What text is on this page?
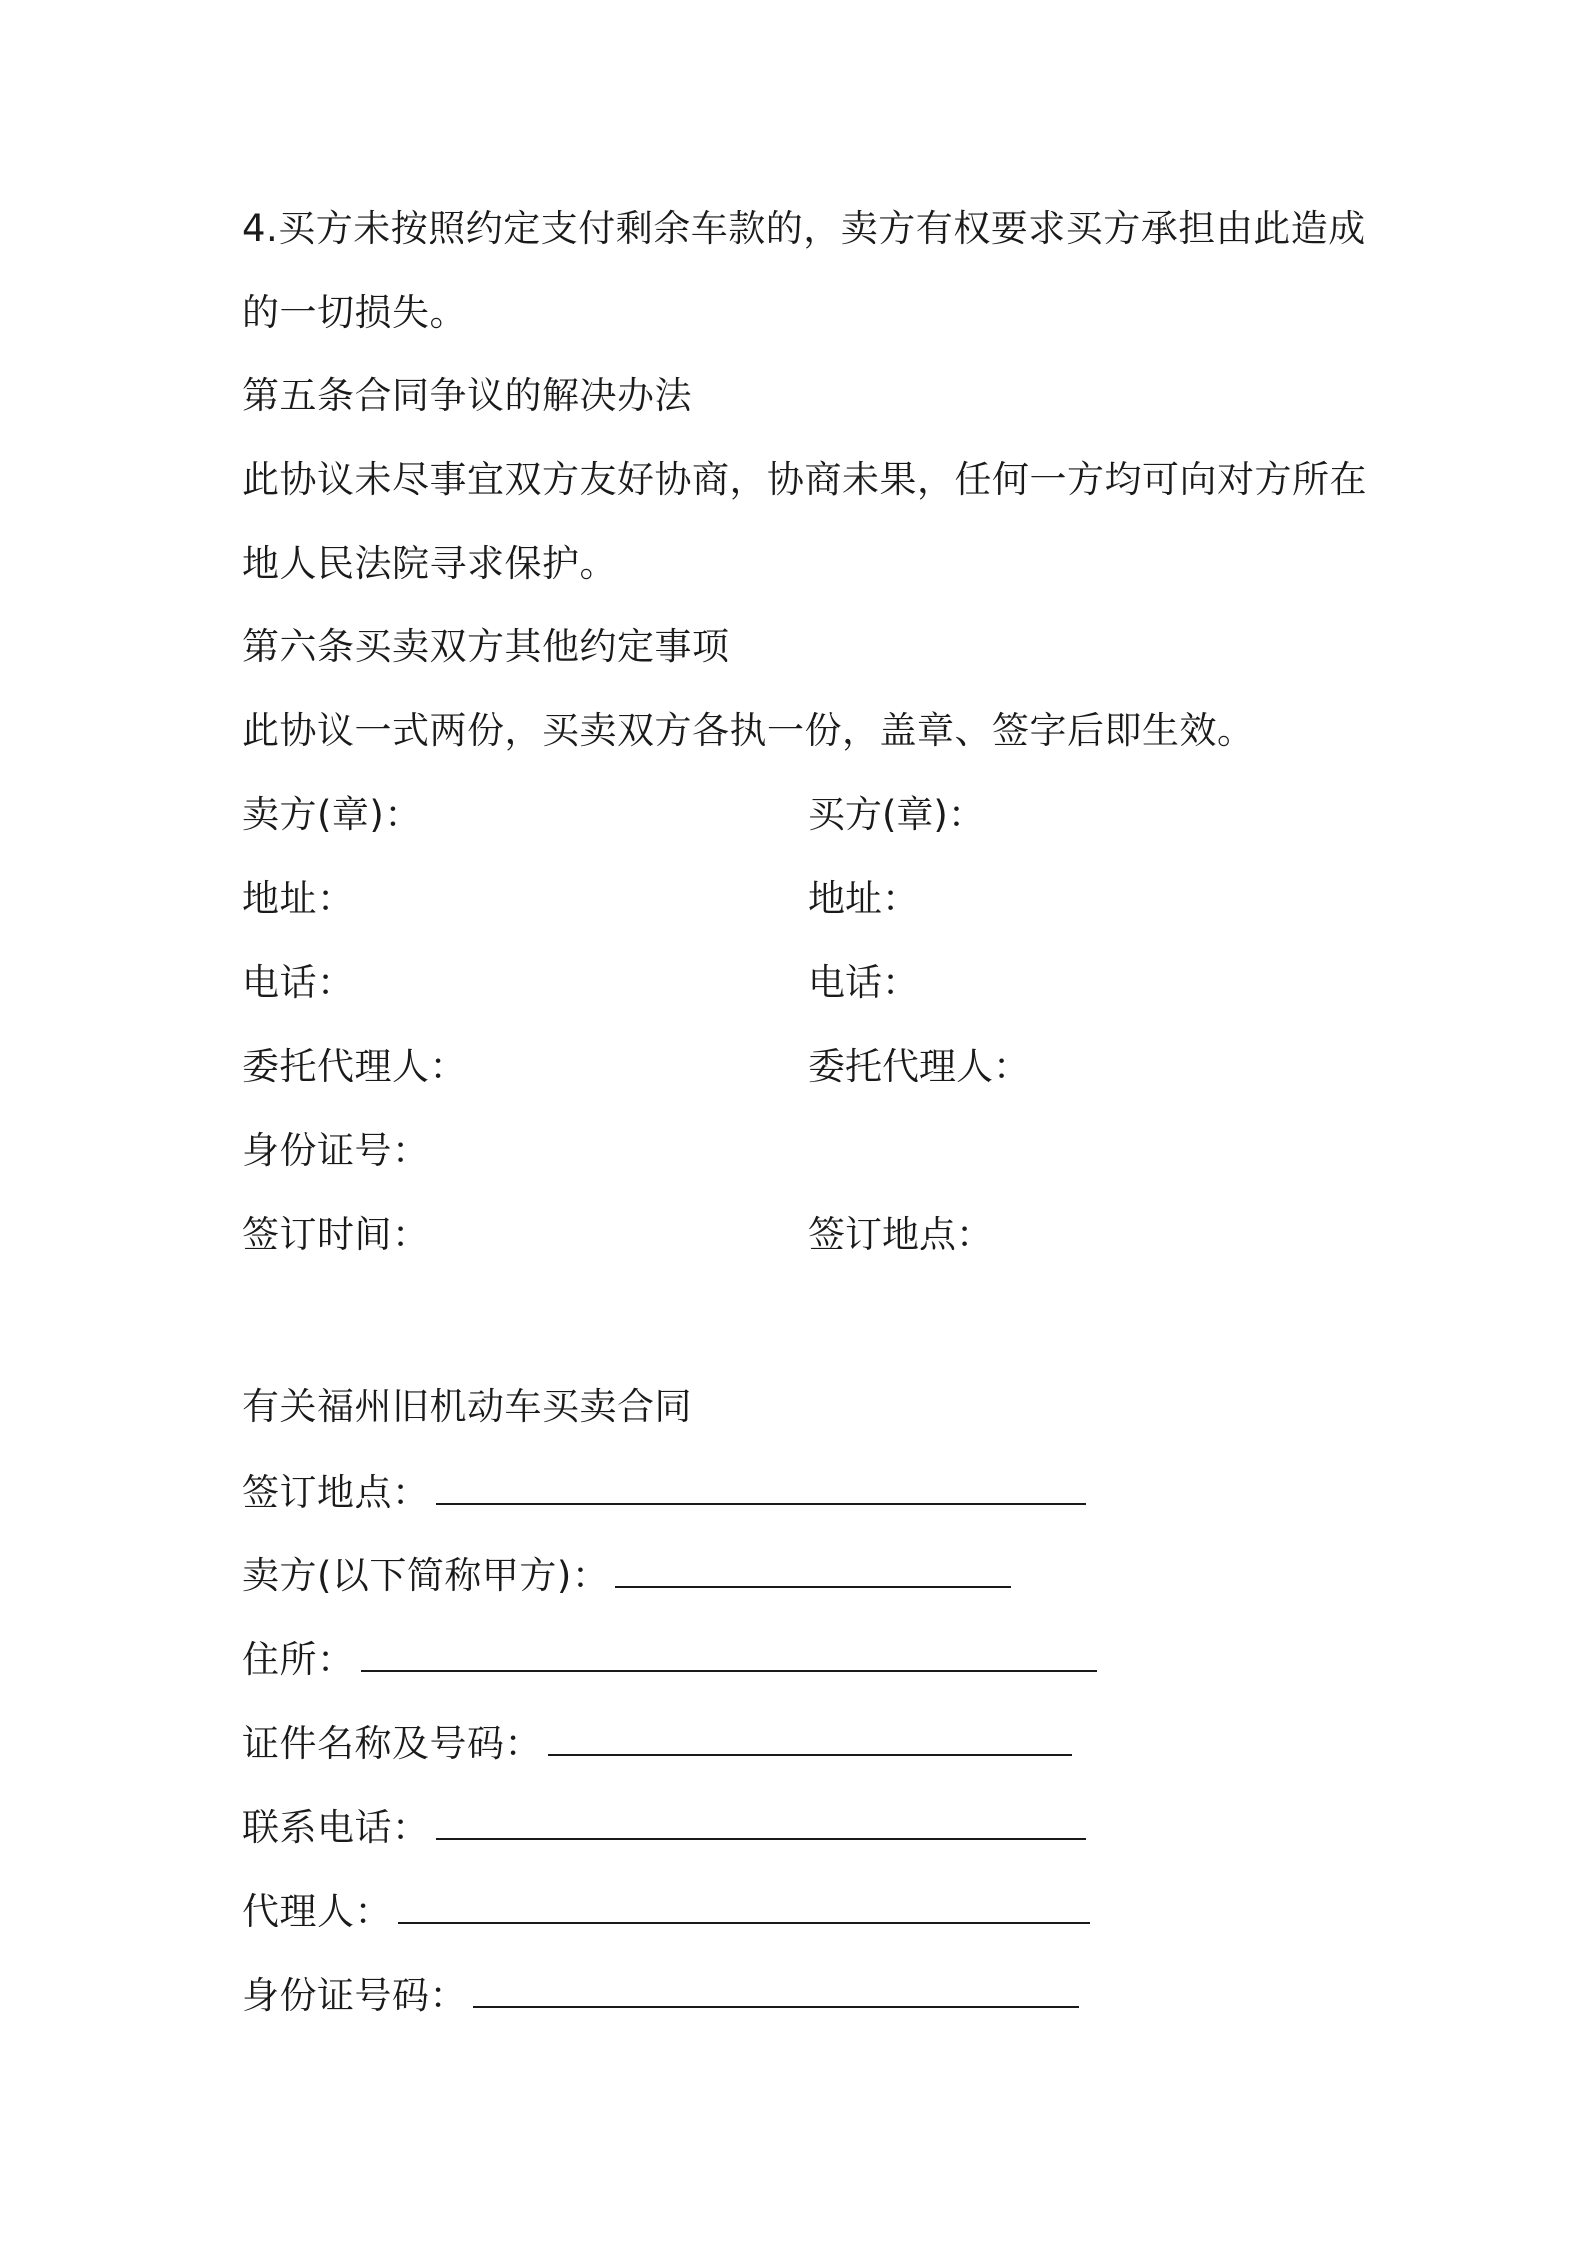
4.买方未按照约定支付剩余车款的，卖方有权要求买方承担由此造成
的一切损失。
第五条合同争议的解决办法
此协议未尽事宜双方友好协商，协商未果，任何一方均可向对方所在
地人民法院寻求保护。
第六条买卖双方其他约定事项
此协议一式两份，买卖双方各执一份，盖章、签字后即生效。
卖方(章)：	买方(章)：
地址：	地址：
电话：	电话：
委托代理人：	委托代理人：
身份证号：
签订时间：	签订地点：
有关福州旧机动车买卖合同
签订地点：
卖方(以下简称甲方)：
住所：
证件名称及号码：
联系电话：
代理人：
身份证号码：
